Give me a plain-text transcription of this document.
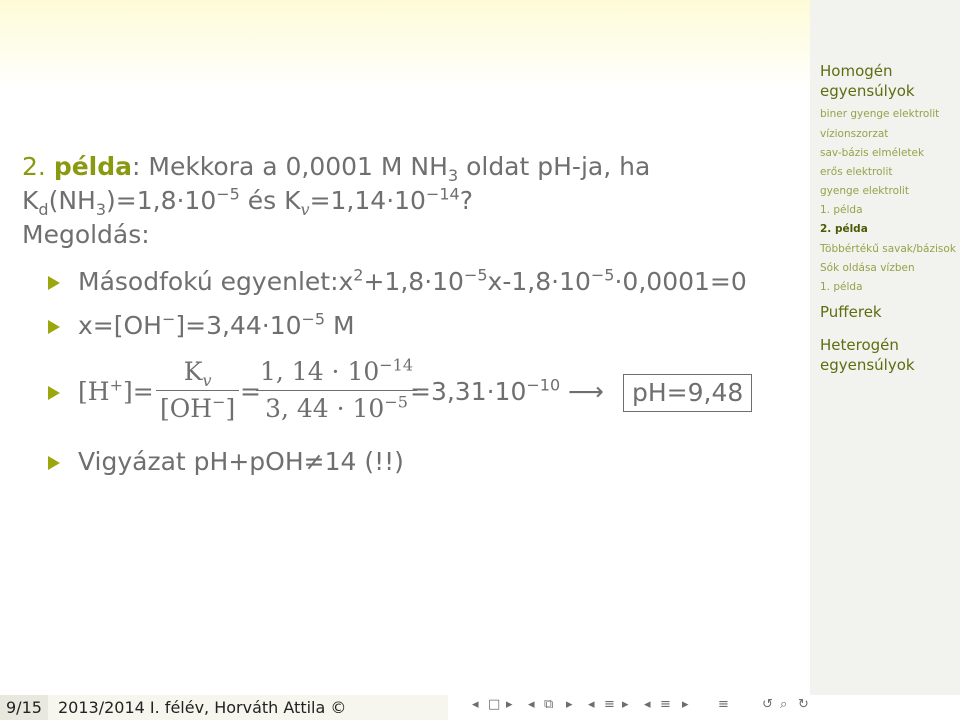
2. példa: Mekkora a 0,0001 M $NH_3$ oldat pH-ja, ha
$K_d(NH_3)=1,8\cdot 10^{-5}$ és $K_v=1,14\cdot 10^{-14}$?
Megoldás:
Másodfokú $egyenlet:x^2+1,8\cdot 10^{-5}x-1,8\cdot 10^{-5}\cdot 0,0001=0$
$x=[OH^-]=3,44\cdot 10^{-5}$ M
$[H^+]= \frac{K_v}{[OH^-]}$ =
$\frac{1, 14 \cdot 10^{-14}}{3, 44 \cdot 10^{-5}}$
$=3,31\cdot 10^{-10}$ ⟶	pH=9,48
Vigyázat pH+pOH≠14 (!!)
Homogén
egyensúlyok
biner gyenge elektrolit
vízionszorzat
sav-bázis elméletek
erős elektrolit
gyenge elektrolit
1. példa
2. példa
Többértékű savak/bázisok
Sók oldása vízben
1. példa
Pufferek
Heterogén
egyensúlyok
9/15 2013/2014 I. félév, Horváth Attila ©	◂ □ ▸ ◂ ⧉ ▸ ◂ ≡ ▸ ◂ ≡ ▸ ≡	↺ ⌕ ↻
